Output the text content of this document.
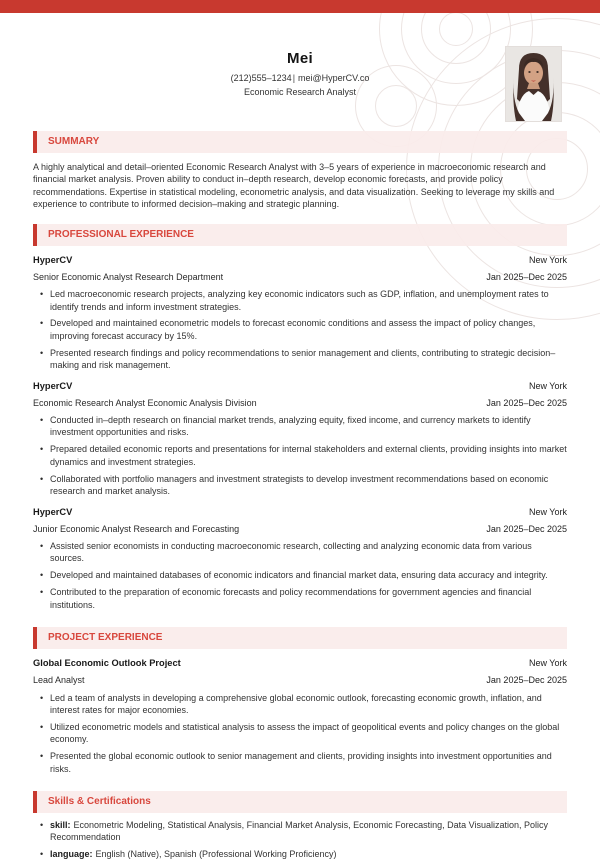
Mei
(212)555–1234| mei@HyperCV.co
Economic Research Analyst
SUMMARY

A highly analytical and detail–oriented Economic Research Analyst with 3–5 years of experience in macroeconomic research and financial market analysis. Proven ability to conduct in–depth research, develop economic forecasts, and provide policy recommendations. Expertise in statistical modeling, econometric analysis, and data visualization. Seeking to leverage my skills and experience to contribute to informed decision–making and strategic planning.

PROFESSIONAL EXPERIENCE
HyperCV	New York
Senior Economic Analyst Research Department	Jan 2025–Dec 2025
• Led macroeconomic research projects, analyzing key economic indicators such as GDP, inflation, and unemployment rates to identify trends and inform investment strategies.
• Developed and maintained econometric models to forecast economic conditions and assess the impact of policy changes, improving forecast accuracy by 15%.
• Presented research findings and policy recommendations to senior management and clients, contributing to strategic decision–making and risk management.
HyperCV	New York
Economic Research Analyst Economic Analysis Division	Jan 2025–Dec 2025
• Conducted in–depth research on financial market trends, analyzing equity, fixed income, and currency markets to identify investment opportunities and risks.
• Prepared detailed economic reports and presentations for internal stakeholders and external clients, providing insights into market dynamics and investment strategies.
• Collaborated with portfolio managers and investment strategists to develop investment recommendations based on economic research and market analysis.
HyperCV	New York
Junior Economic Analyst Research and Forecasting	Jan 2025–Dec 2025
• Assisted senior economists in conducting macroeconomic research, collecting and analyzing economic data from various sources.
• Developed and maintained databases of economic indicators and financial market data, ensuring data accuracy and integrity.
• Contributed to the preparation of economic forecasts and policy recommendations for government agencies and financial institutions.
PROJECT EXPERIENCE
Global Economic Outlook Project	New York
Lead Analyst	Jan 2025–Dec 2025
• Led a team of analysts in developing a comprehensive global economic outlook, forecasting economic growth, inflation, and interest rates for major economies.
• Utilized econometric models and statistical analysis to assess the impact of geopolitical events and policy changes on the global economy.
• Presented the global economic outlook to senior management and clients, providing insights into investment opportunities and risks.
Skills & Certifications
• skill: Econometric Modeling, Statistical Analysis, Financial Market Analysis, Economic Forecasting, Data Visualization, Policy Recommendation
• language: English (Native), Spanish (Professional Working Proficiency)
